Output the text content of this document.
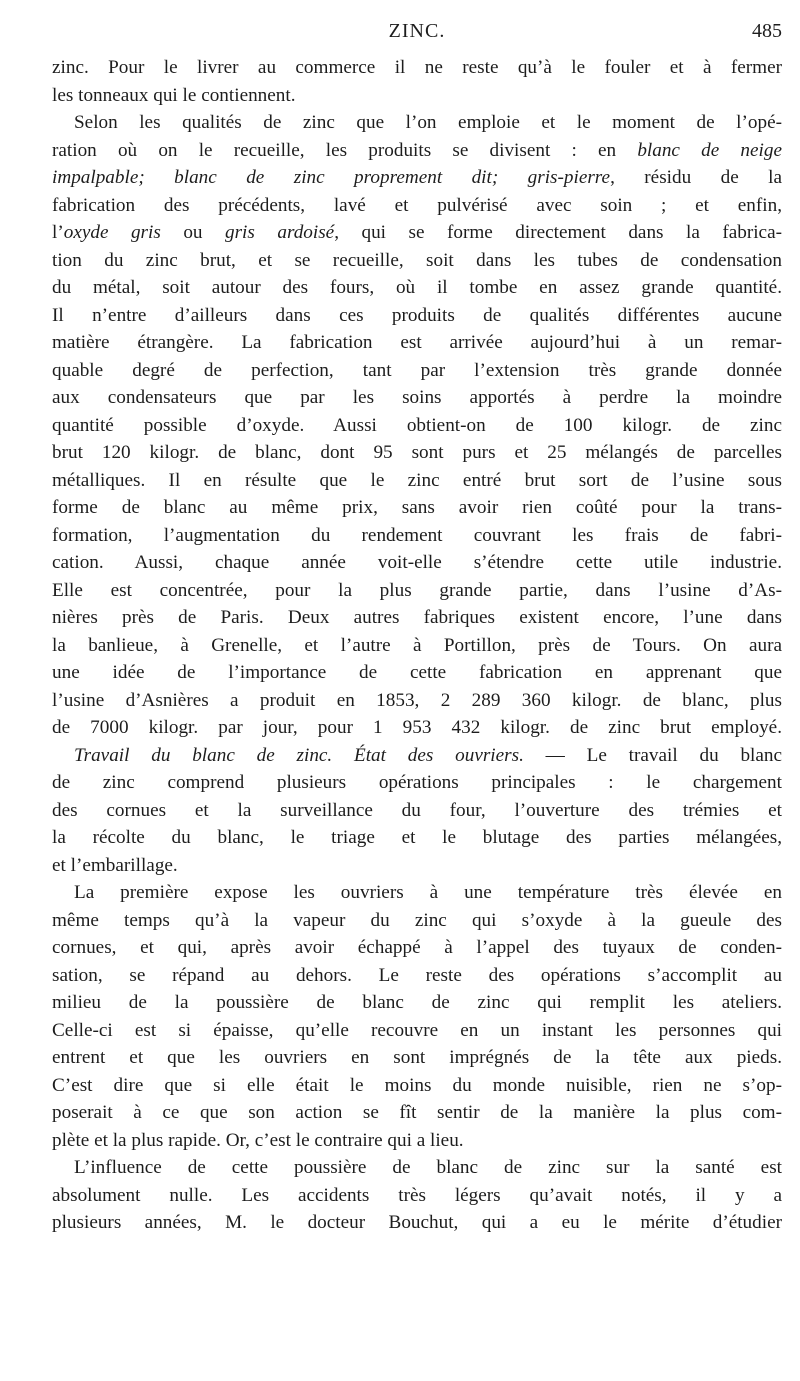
ZINC.	485
zinc. Pour le livrer au commerce il ne reste qu’à le fouler et à fermer
les tonneaux qui le contiennent.
Selon les qualités de zinc que l’on emploie et le moment de l’opé-
ration où on le recueille, les produits se divisent : en blanc de neige
impalpable; blanc de zinc proprement dit; gris-pierre, résidu de la
fabrication des précédents, lavé et pulvérisé avec soin ; et enfin,
l’oxyde gris ou gris ardoisé, qui se forme directement dans la fabrica-
tion du zinc brut, et se recueille, soit dans les tubes de condensation
du métal, soit autour des fours, où il tombe en assez grande quantité.
Il n’entre d’ailleurs dans ces produits de qualités différentes aucune
matière étrangère. La fabrication est arrivée aujourd’hui à un remar-
quable degré de perfection, tant par l’extension très grande donnée
aux condensateurs que par les soins apportés à perdre la moindre
quantité possible d’oxyde. Aussi obtient-on de 100 kilogr. de zinc
brut 120 kilogr. de blanc, dont 95 sont purs et 25 mélangés de parcelles
métalliques. Il en résulte que le zinc entré brut sort de l’usine sous
forme de blanc au même prix, sans avoir rien coûté pour la trans-
formation, l’augmentation du rendement couvrant les frais de fabri-
cation. Aussi, chaque année voit-elle s’étendre cette utile industrie.
Elle est concentrée, pour la plus grande partie, dans l’usine d’As-
nières près de Paris. Deux autres fabriques existent encore, l’une dans
la banlieue, à Grenelle, et l’autre à Portillon, près de Tours. On aura
une idée de l’importance de cette fabrication en apprenant que
l’usine d’Asnières a produit en 1853, 2 289 360 kilogr. de blanc, plus
de 7000 kilogr. par jour, pour 1 953 432 kilogr. de zinc brut employé.
Travail du blanc de zinc. État des ouvriers. — Le travail du blanc
de zinc comprend plusieurs opérations principales : le chargement
des cornues et la surveillance du four, l’ouverture des trémies et
la récolte du blanc, le triage et le blutage des parties mélangées,
et l’embarillage.
La première expose les ouvriers à une température très élevée en
même temps qu’à la vapeur du zinc qui s’oxyde à la gueule des
cornues, et qui, après avoir échappé à l’appel des tuyaux de conden-
sation, se répand au dehors. Le reste des opérations s’accomplit au
milieu de la poussière de blanc de zinc qui remplit les ateliers.
Celle-ci est si épaisse, qu’elle recouvre en un instant les personnes qui
entrent et que les ouvriers en sont imprégnés de la tête aux pieds.
C’est dire que si elle était le moins du monde nuisible, rien ne s’op-
poserait à ce que son action se fît sentir de la manière la plus com-
plète et la plus rapide. Or, c’est le contraire qui a lieu.
L’influence de cette poussière de blanc de zinc sur la santé est
absolument nulle. Les accidents très légers qu’avait notés, il y a
plusieurs années, M. le docteur Bouchut, qui a eu le mérite d’étudier
